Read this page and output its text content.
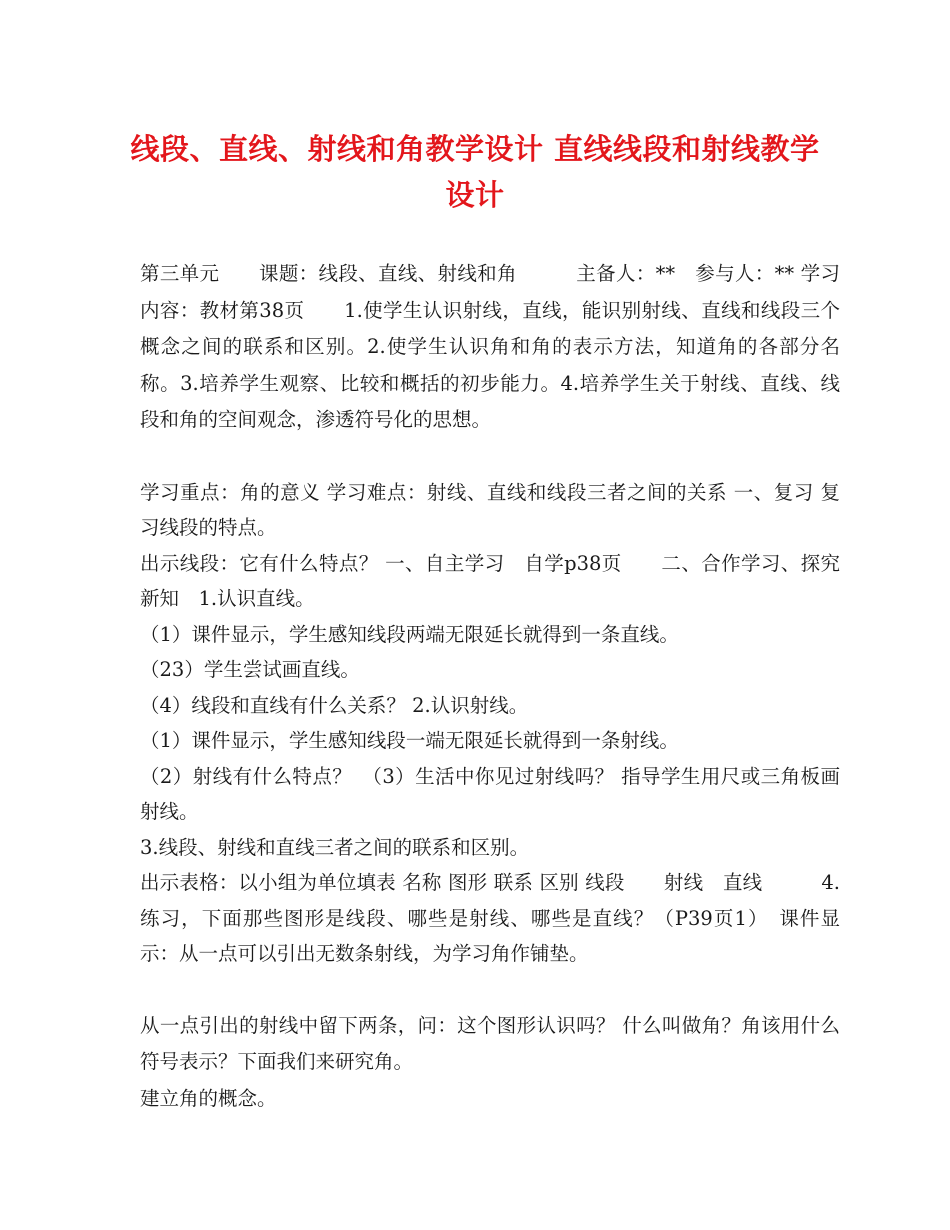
线段、直线、射线和角教学设计 直线线段和射线教学
设计

第三单元　　课题：线段、直线、射线和角　　　主备人：**　参与人：** 学习内容：教材第38页　　1.使学生认识射线，直线，能识别射线、直线和线段三个概念之间的联系和区别。2.使学生认识角和角的表示方法，知道角的各部分名称。3.培养学生观察、比较和概括的初步能力。4.培养学生关于射线、直线、线段和角的空间观念，渗透符号化的思想。

学习重点：角的意义 学习难点：射线、直线和线段三者之间的关系 一、复习 复习线段的特点。

出示线段：它有什么特点？ 一、自主学习　自学p38页　　二、合作学习、探究新知　1.认识直线。

（1）课件显示，学生感知线段两端无限延长就得到一条直线。

（23）学生尝试画直线。

（4）线段和直线有什么关系？ 2.认识射线。

（1）课件显示，学生感知线段一端无限延长就得到一条射线。

（2）射线有什么特点？　（3）生活中你见过射线吗？ 指导学生用尺或三角板画射线。

3.线段、射线和直线三者之间的联系和区别。

出示表格：以小组为单位填表 名称 图形 联系 区别 线段　　射线　直线　　　4.练习，下面那些图形是线段、哪些是射线、哪些是直线？（P39页1）　课件显示：从一点可以引出无数条射线，为学习角作铺垫。

从一点引出的射线中留下两条，问：这个图形认识吗？ 什么叫做角？角该用什么符号表示？下面我们来研究角。

建立角的概念。
